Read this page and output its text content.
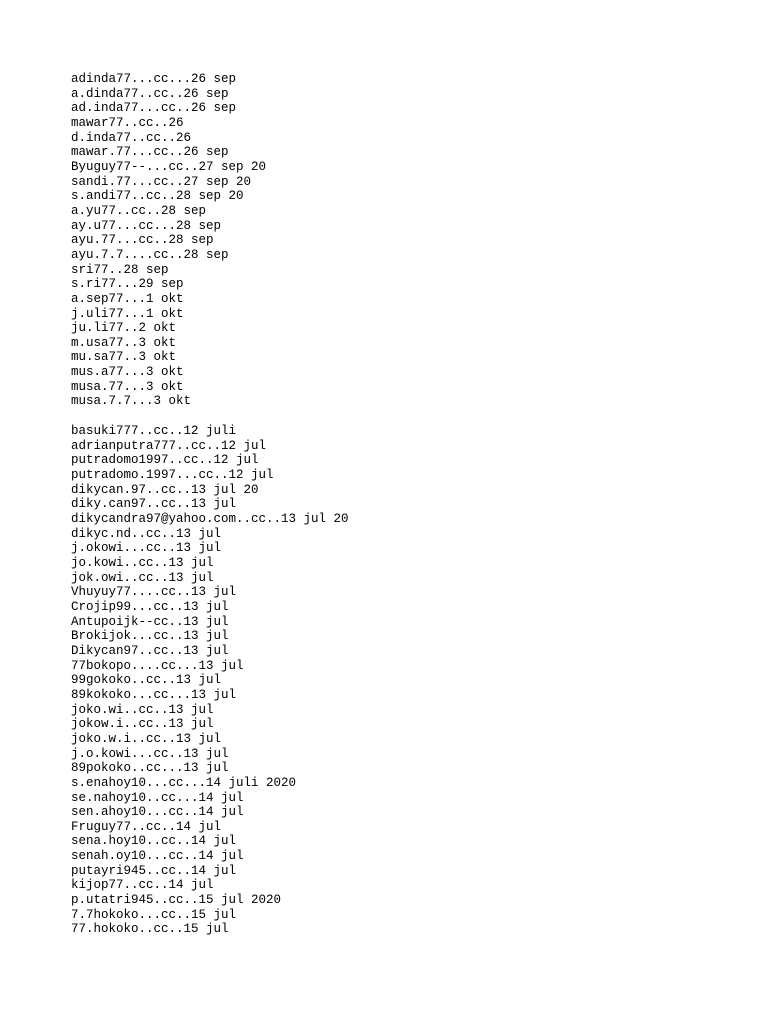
adinda77...cc...26 sep
a.dinda77..cc..26 sep
ad.inda77...cc..26 sep
mawar77..cc..26
d.inda77..cc..26
mawar.77...cc..26 sep
Byuguy77--...cc..27 sep 20
sandi.77...cc..27 sep 20
s.andi77..cc..28 sep 20
a.yu77..cc..28 sep
ay.u77...cc...28 sep
ayu.77...cc..28 sep
ayu.7.7....cc..28 sep
sri77..28 sep
s.ri77...29 sep
a.sep77...1 okt
j.uli77...1 okt
ju.li77..2 okt
m.usa77..3 okt
mu.sa77..3 okt
mus.a77...3 okt
musa.77...3 okt
musa.7.7...3 okt
basuki777..cc..12 juli
adrianputra777..cc..12 jul
putradomo1997..cc..12 jul
putradomo.1997...cc..12 jul
dikycan.97..cc..13 jul 20
diky.can97..cc..13 jul
dikycandra97@yahoo.com..cc..13 jul 20
dikyc.nd..cc..13 jul
j.okowi...cc..13 jul
jo.kowi..cc..13 jul
jok.owi..cc..13 jul
Vhuyuy77....cc..13 jul
Crojip99...cc..13 jul
Antupoijk--cc..13 jul
Brokijok...cc..13 jul
Dikycan97..cc..13 jul
77bokopo....cc...13 jul
99gokoko..cc..13 jul
89kokoko...cc...13 jul
joko.wi..cc..13 jul
jokow.i..cc..13 jul
joko.w.i..cc..13 jul
j.o.kowi...cc..13 jul
89pokoko..cc...13 jul
s.enahoy10...cc...14 juli 2020
se.nahoy10..cc...14 jul
sen.ahoy10...cc..14 jul
Fruguy77..cc..14 jul
sena.hoy10..cc..14 jul
senah.oy10...cc..14 jul
putayri945..cc..14 jul
kijop77..cc..14 jul
p.utatri945..cc..15 jul 2020
7.7hokoko...cc..15 jul
77.hokoko..cc..15 jul
